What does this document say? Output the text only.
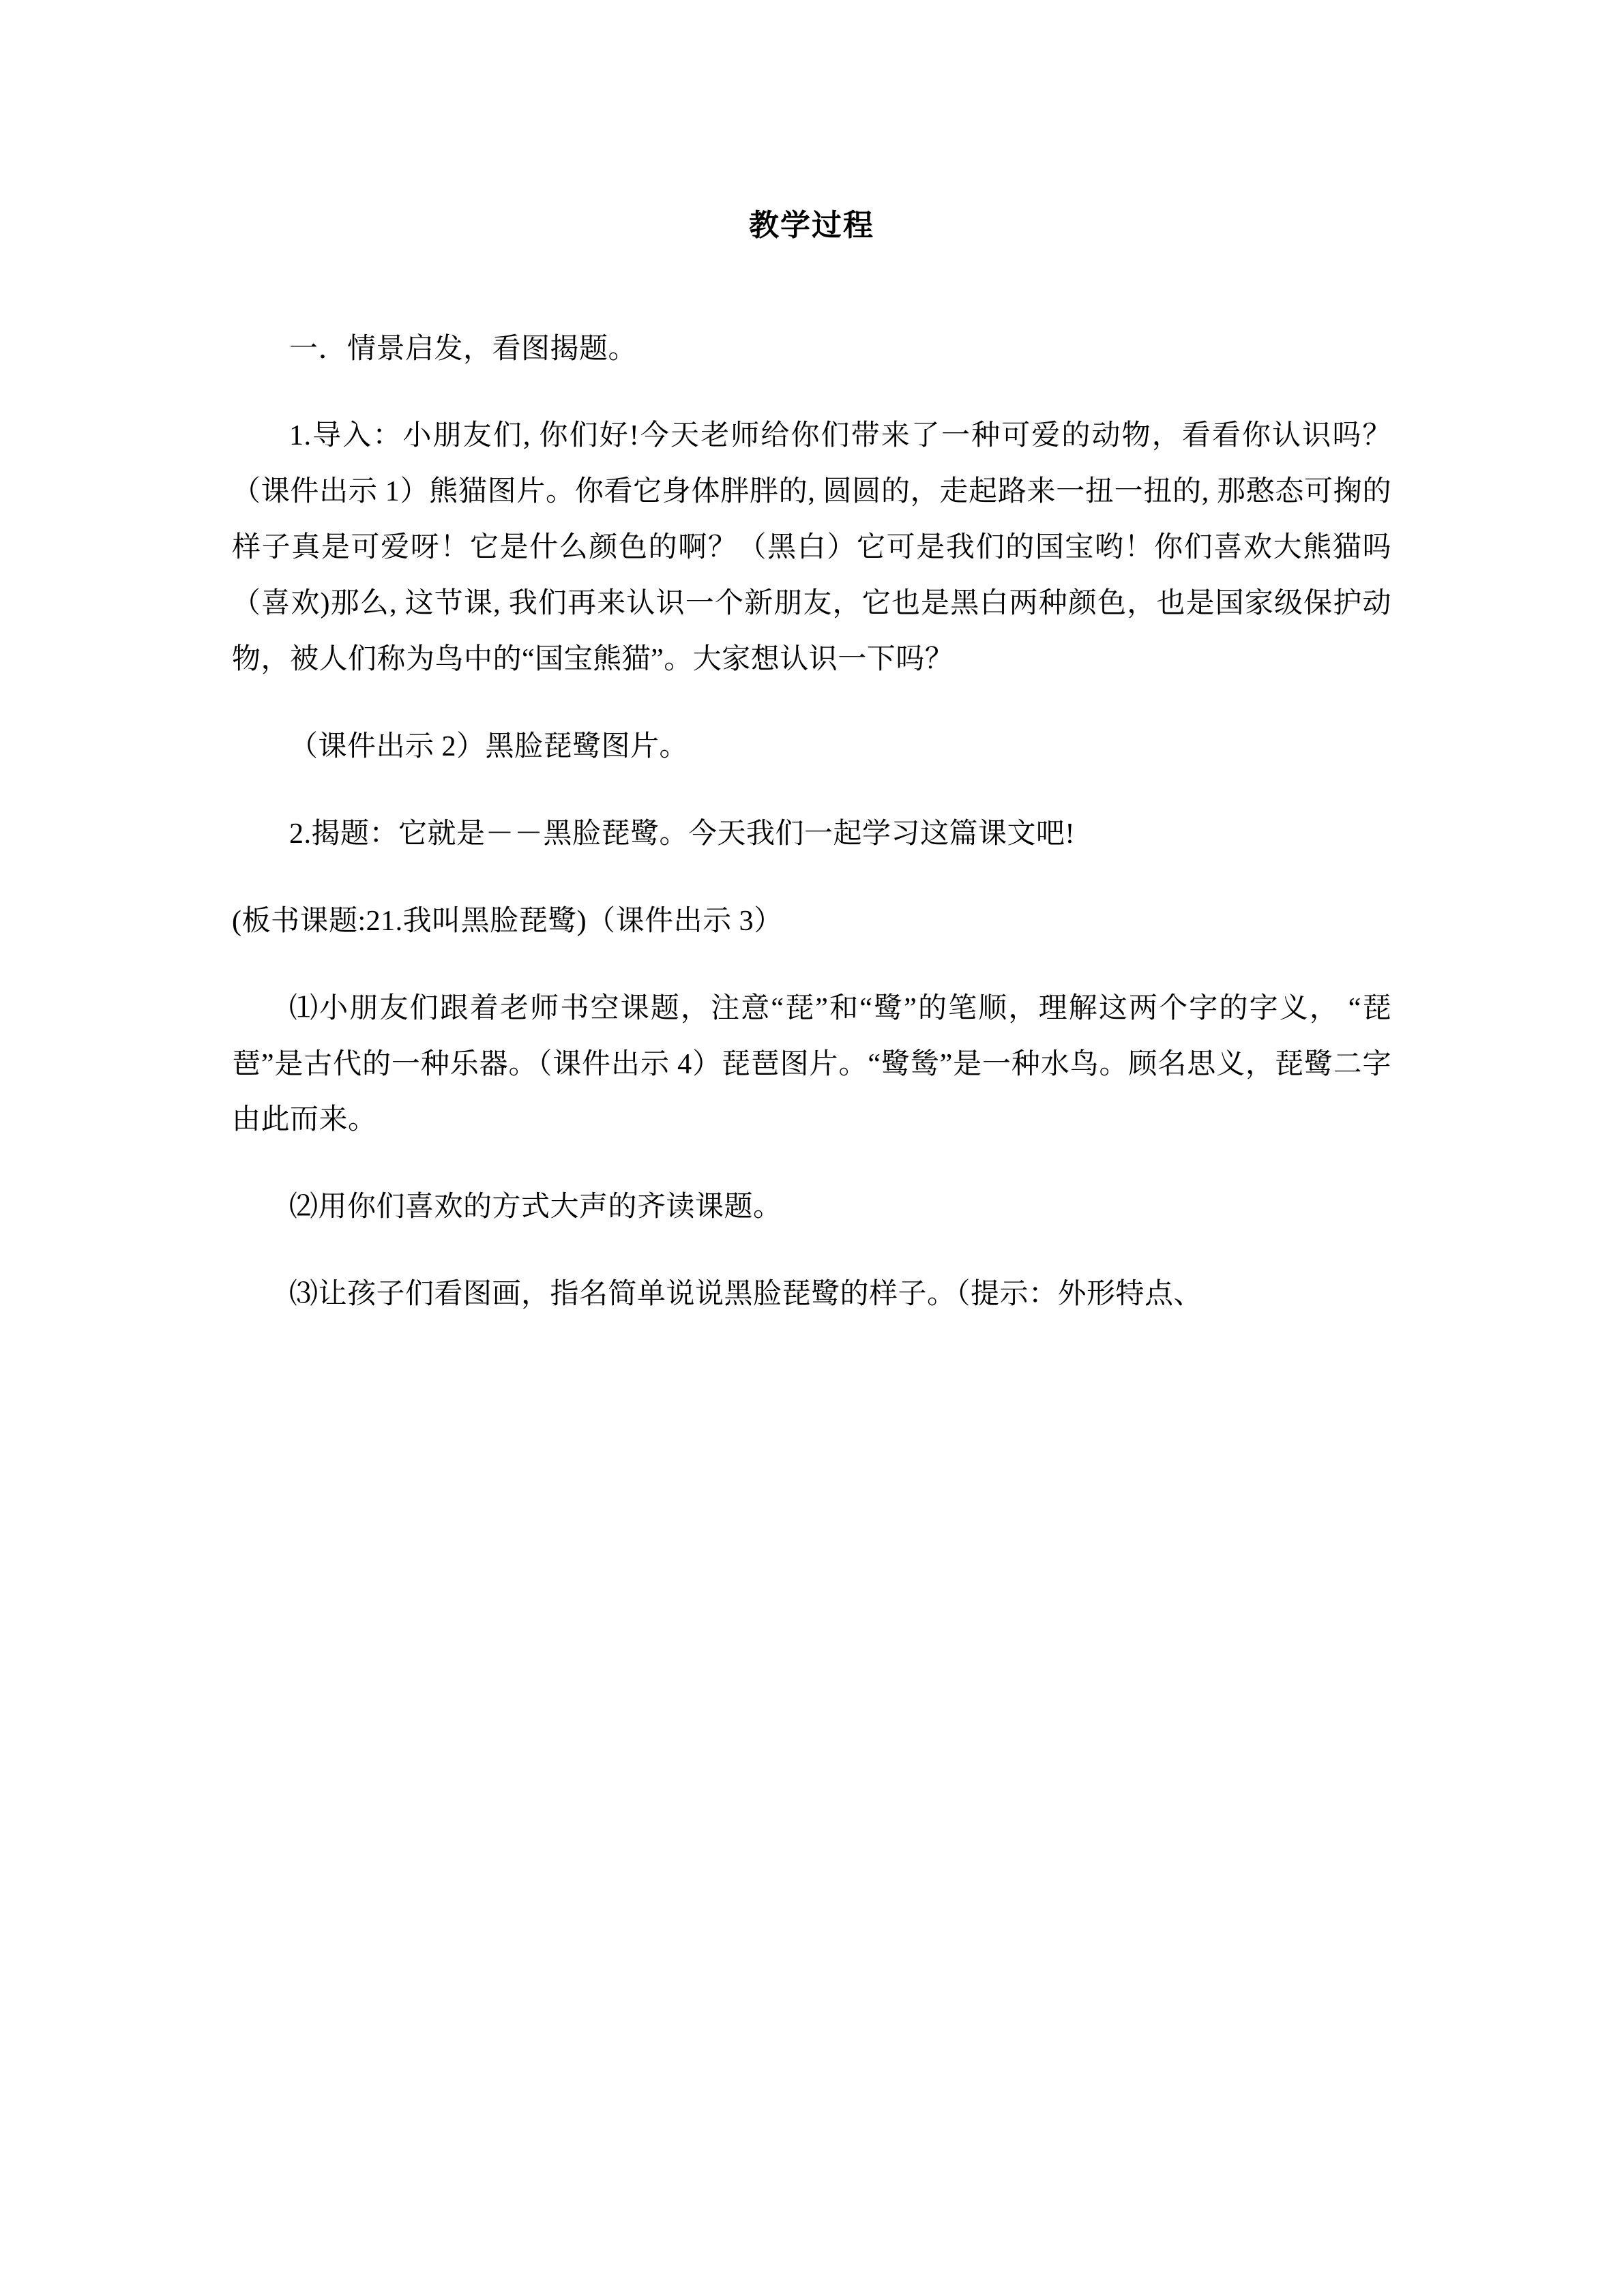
教学过程

一．情景启发，看图揭题。

1.导入：小朋友们, 你们好!今天老师给你们带来了一种可爱的动物，看看你认识吗？（课件出示 1）熊猫图片。你看它身体胖胖的, 圆圆的，走起路来一扭一扭的, 那憨态可掬的样子真是可爱呀！它是什么颜色的啊？（黑白）它可是我们的国宝哟！你们喜欢大熊猫吗（喜欢)那么, 这节课, 我们再来认识一个新朋友，它也是黑白两种颜色，也是国家级保护动物，被人们称为鸟中的“国宝熊猫”。大家想认识一下吗？

（课件出示 2）黑脸琵鹭图片。

2.揭题：它就是－－黑脸琵鹭。今天我们一起学习这篇课文吧!

(板书课题:21.我叫黑脸琵鹭)（课件出示 3）

⑴小朋友们跟着老师书空课题，注意“琵”和“鹭”的笔顺，理解这两个字的字义， “琵琶”是古代的一种乐器。（课件出示 4）琵琶图片。“鹭鸶”是一种水鸟。顾名思义，琵鹭二字由此而来。

⑵用你们喜欢的方式大声的齐读课题。

⑶让孩子们看图画，指名简单说说黑脸琵鹭的样子。（提示：外形特点、
